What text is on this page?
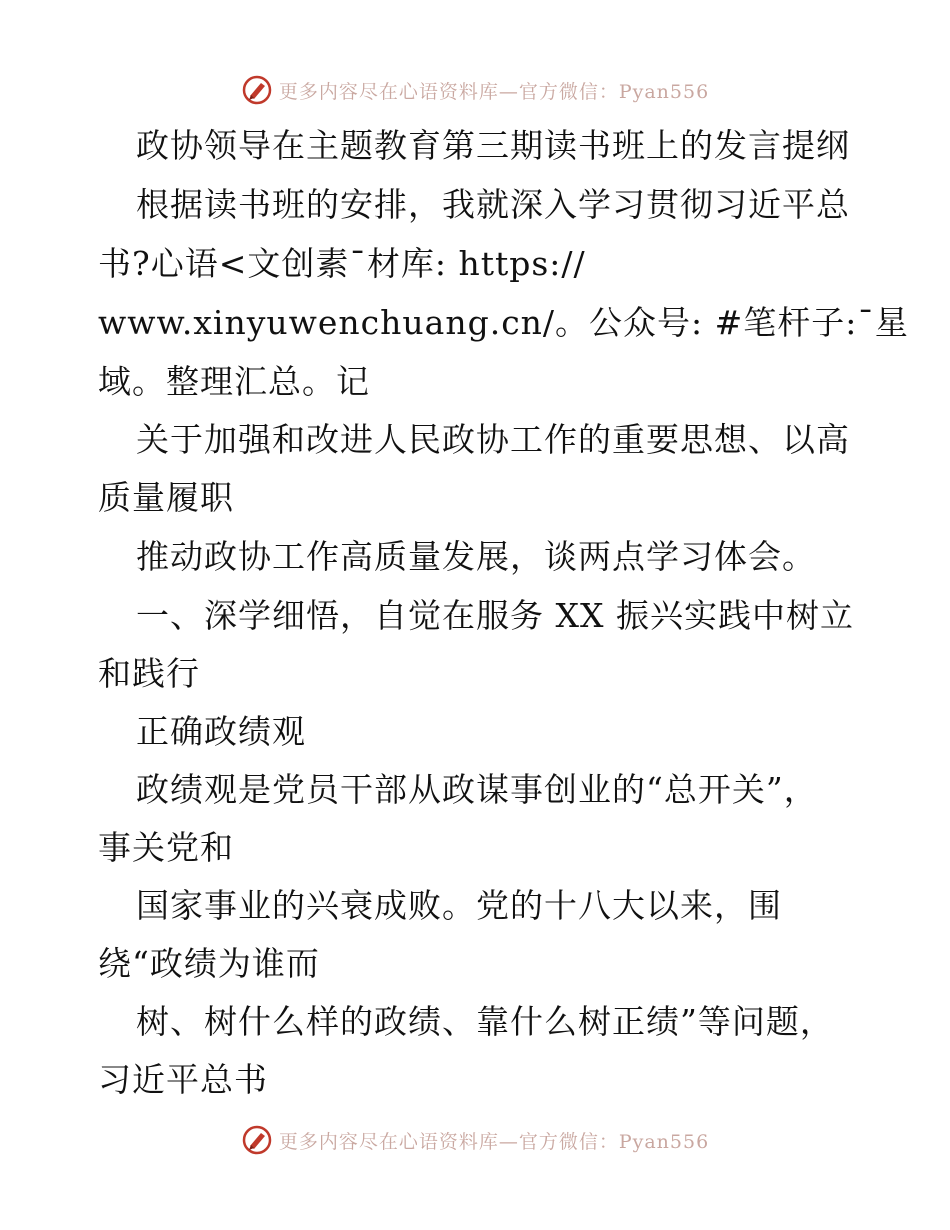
更多内容尽在心语资料库—官方微信：Pyan556
政协领导在主题教育第三期读书班上的发言提纲
根据读书班的安排，我就深入学习贯彻习近平总
书?心语<文创素¯材库: https://
www.xinyuwenchuang.cn/。公众号: #笔杆子:¯星
域。整理汇总。记
关于加强和改进人民政协工作的重要思想、以高
质量履职
推动政协工作高质量发展，谈两点学习体会。
一、深学细悟，自觉在服务 XX 振兴实践中树立
和践行
正确政绩观
政绩观是党员干部从政谋事创业的“总开关”，
事关党和
国家事业的兴衰成败。党的十八大以来，围
绕“政绩为谁而
树、树什么样的政绩、靠什么树正绩”等问题，
习近平总书
更多内容尽在心语资料库—官方微信：Pyan556
